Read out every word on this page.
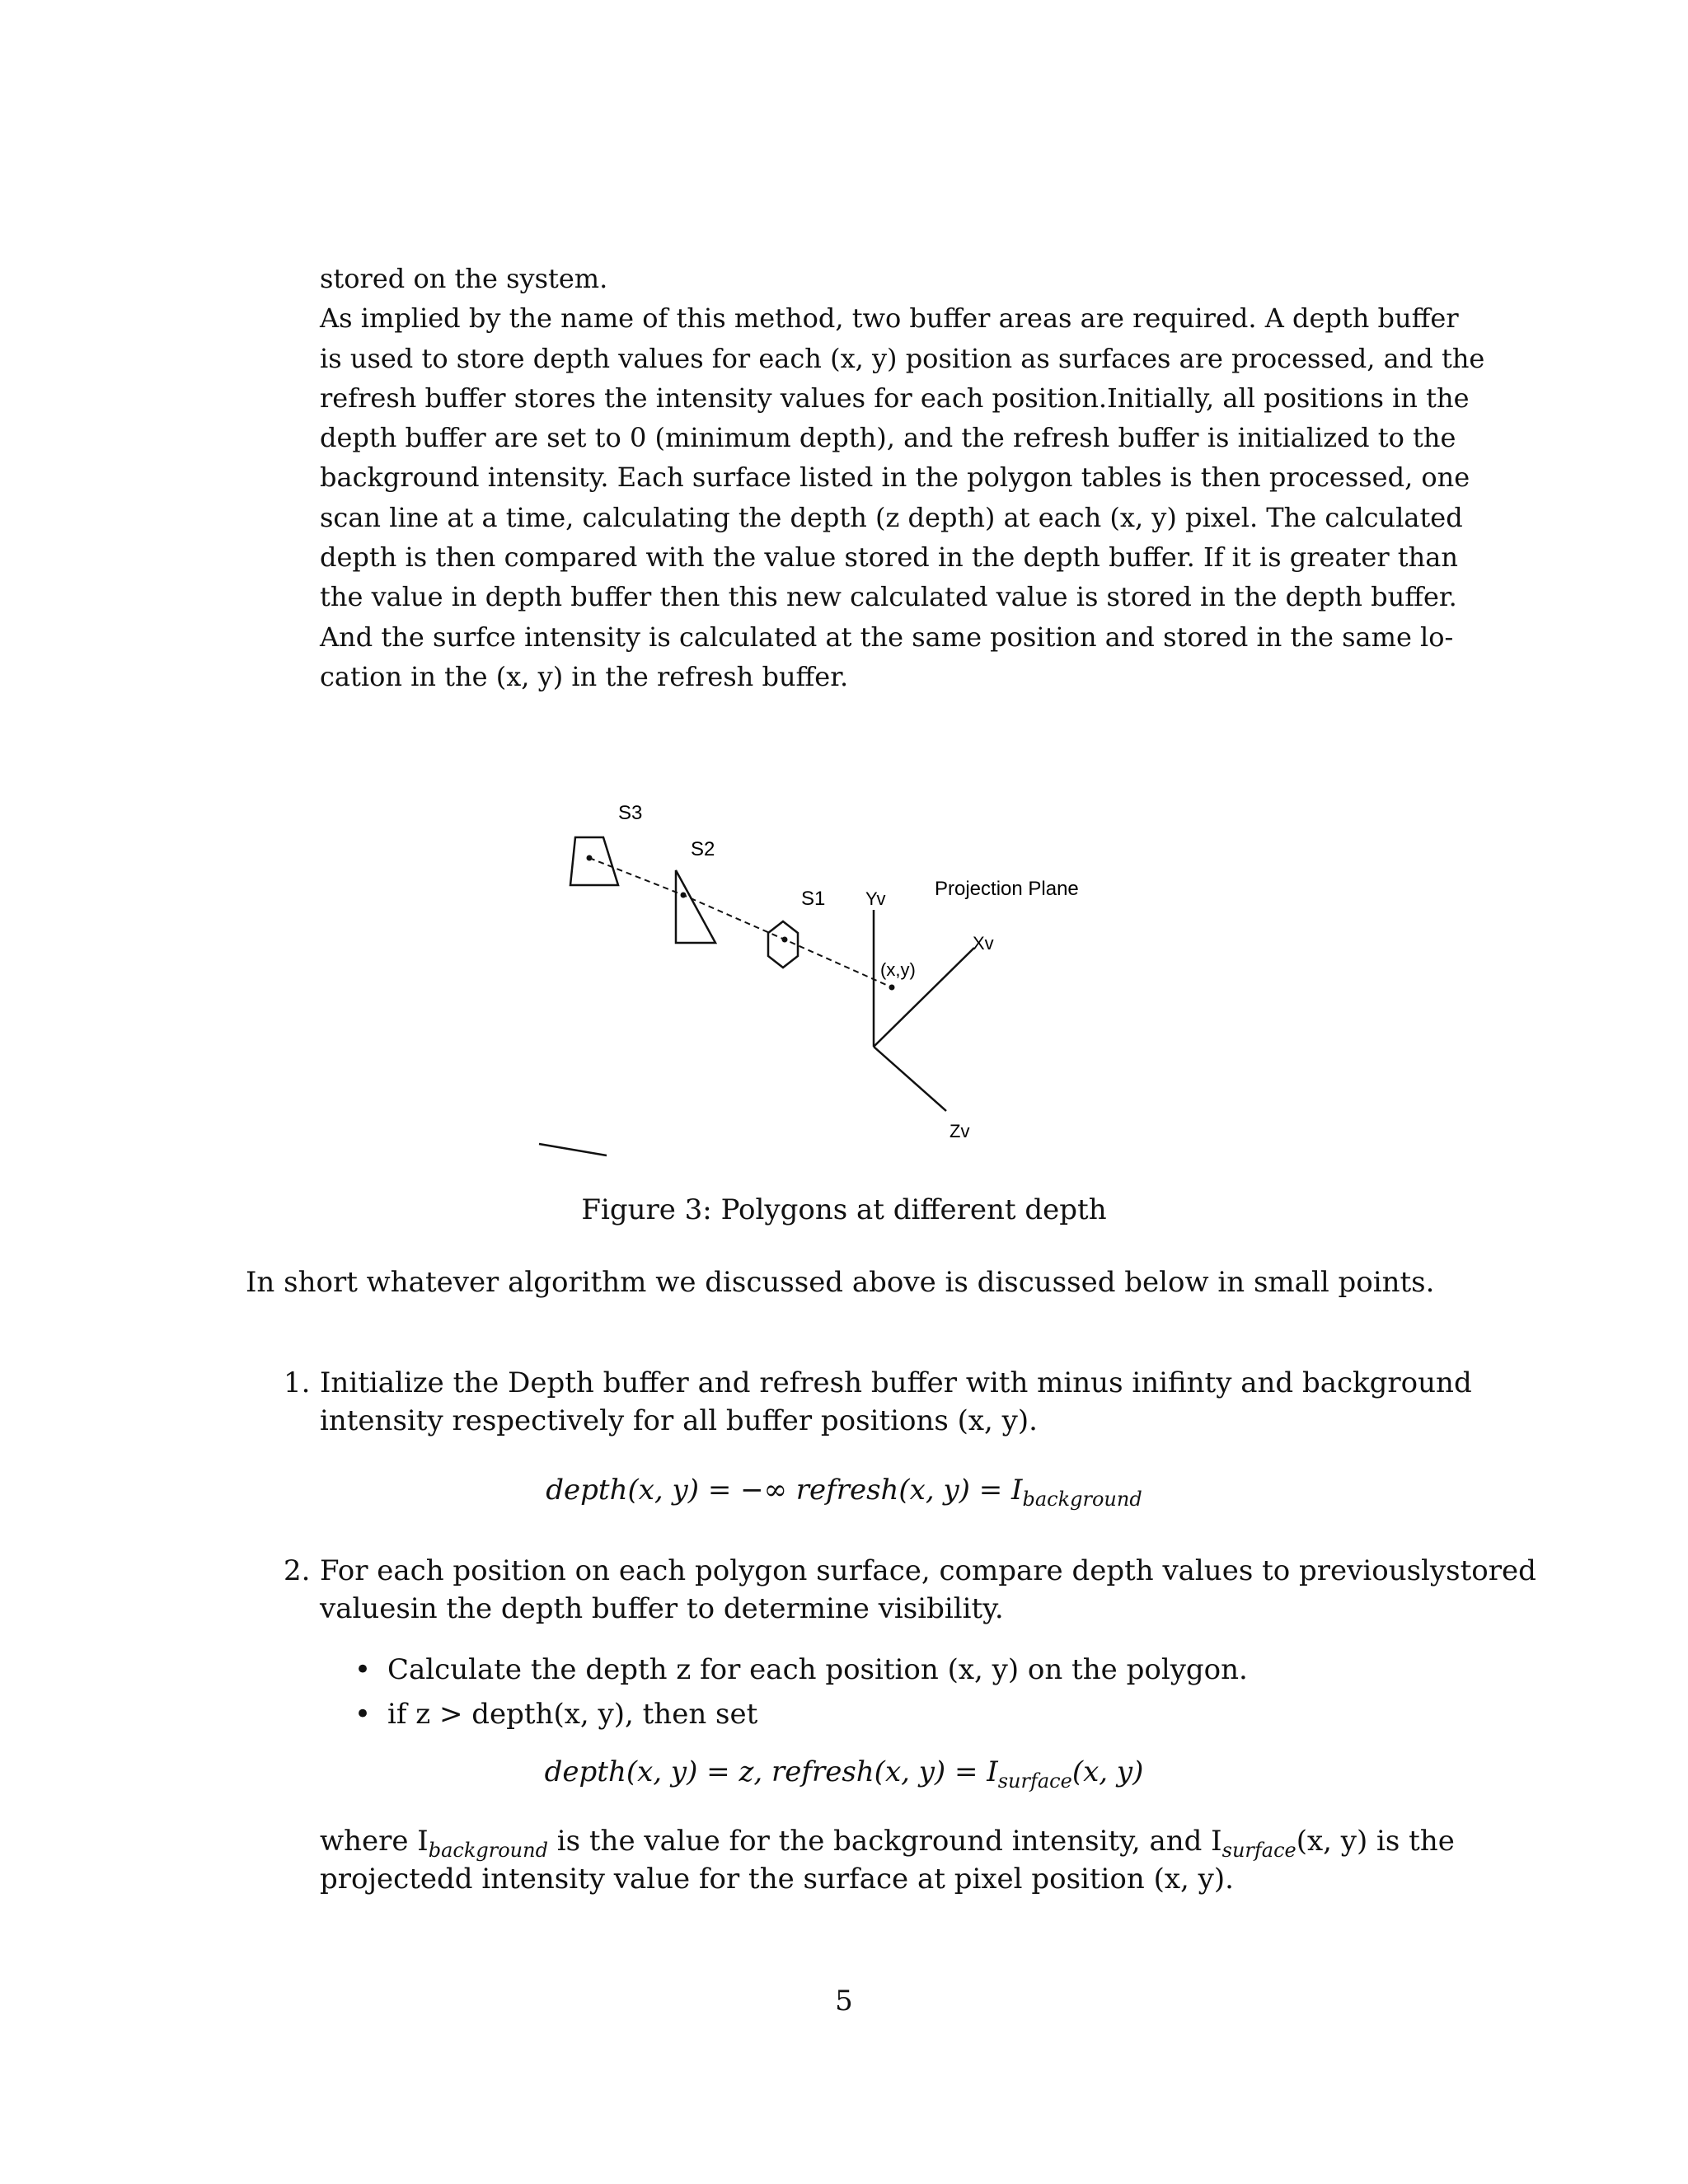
stored on the system.
As implied by the name of this method, two buffer areas are required. A depth buffer
is used to store depth values for each (x, y) position as surfaces are processed, and the
refresh buffer stores the intensity values for each position.Initially, all positions in the
depth buffer are set to 0 (minimum depth), and the refresh buffer is initialized to the
background intensity. Each surface listed in the polygon tables is then processed, one
scan line at a time, calculating the depth (z depth) at each (x, y) pixel. The calculated
depth is then compared with the value stored in the depth buffer. If it is greater than
the value in depth buffer then this new calculated value is stored in the depth buffer.
And the surfce intensity is calculated at the same position and stored in the same lo-
cation in the (x, y) in the refresh buffer.
S3
S2
S1 Yv
(x,y)
Xv
Zv
Projection Plane
Figure 3: Polygons at different depth
In short whatever algorithm we discussed above is discussed below in small points.
1. Initialize the Depth buffer and refresh buffer with minus inifinty and background
intensity respectively for all buffer positions (x, y).
depth(x, y) = −∞ refresh(x, $y) = I_{background}$
2. For each position on each polygon surface, compare depth values to previouslystored
valuesin the depth buffer to determine visibility.
• Calculate the depth z for each position (x, y) on the polygon.
• if z > depth(x, y), then set
depth(x, y) = z, refresh(x, $y) = I_{surface}(x$, y)
where $I_{background}$ is the value for the background intensity, and $I_{surface}(x$, y) is the
projectedd intensity value for the surface at pixel position (x, y).
5
